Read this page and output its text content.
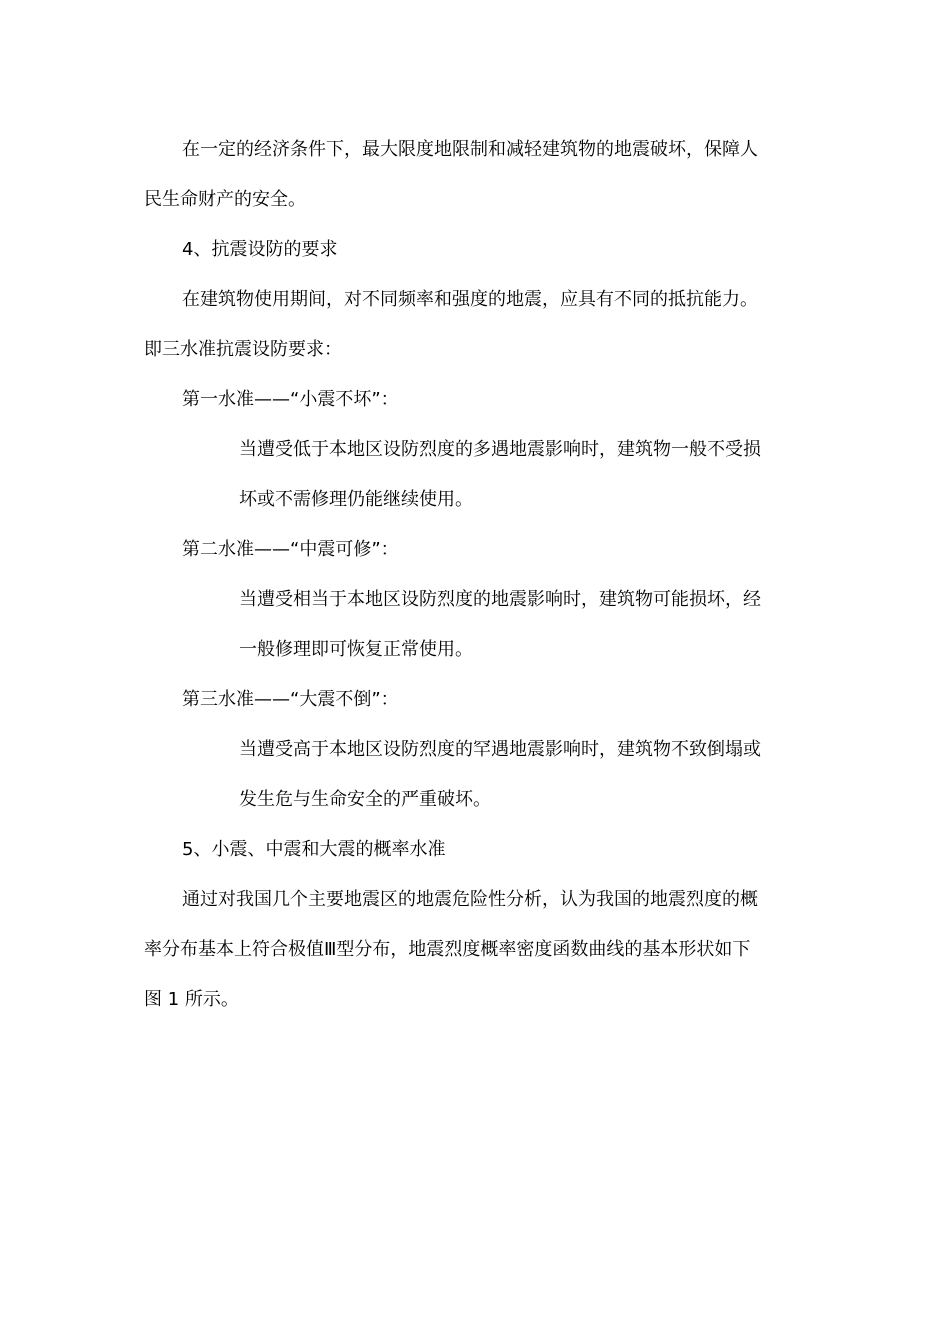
在一定的经济条件下，最大限度地限制和减轻建筑物的地震破坏，保障人
民生命财产的安全。
4、抗震设防的要求
在建筑物使用期间，对不同频率和强度的地震，应具有不同的抵抗能力。
即三水准抗震设防要求：
第一水准——“小震不坏”：
当遭受低于本地区设防烈度的多遇地震影响时，建筑物一般不受损
坏或不需修理仍能继续使用。
第二水准——“中震可修”：
当遭受相当于本地区设防烈度的地震影响时，建筑物可能损坏，经
一般修理即可恢复正常使用。
第三水准——“大震不倒”：
当遭受高于本地区设防烈度的罕遇地震影响时，建筑物不致倒塌或
发生危与生命安全的严重破坏。
5、小震、中震和大震的概率水准
通过对我国几个主要地震区的地震危险性分析，认为我国的地震烈度的概
率分布基本上符合极值Ⅲ型分布，地震烈度概率密度函数曲线的基本形状如下
图 1 所示。
